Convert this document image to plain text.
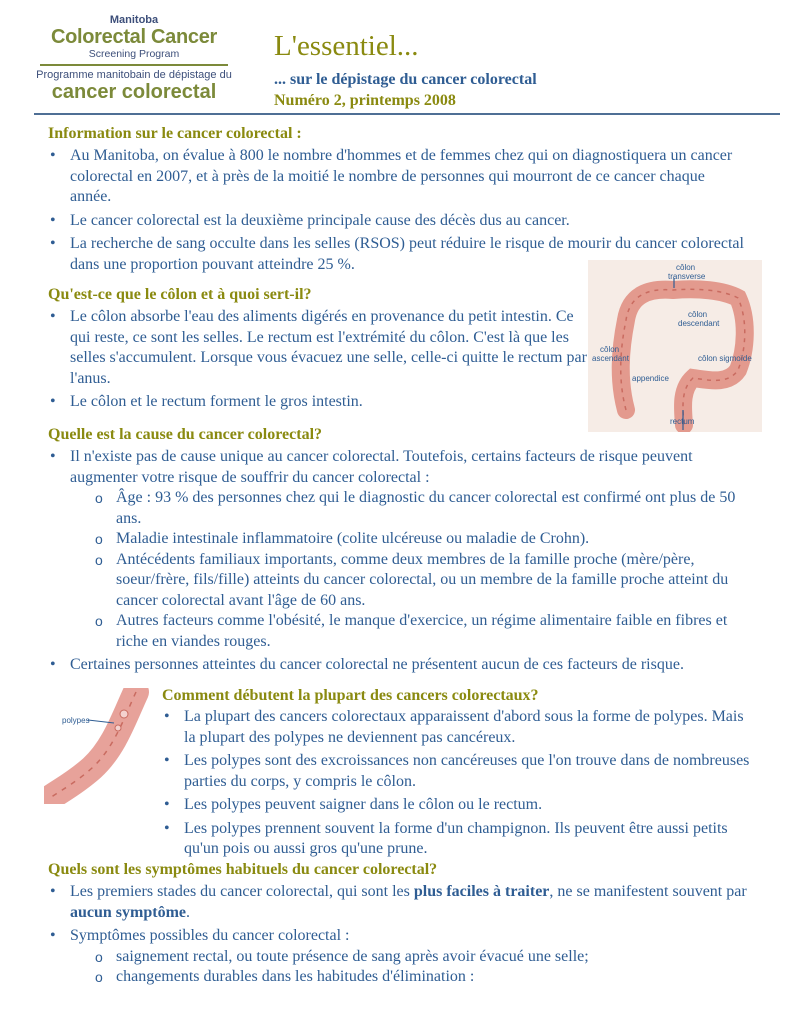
Manitoba
Colorectal Cancer
Screening Program
Programme manitobain de dépistage du
cancer colorectal
L'essentiel...
... sur le dépistage du cancer colorectal
Numéro 2, printemps 2008
Information sur le cancer colorectal :
• Au Manitoba, on évalue à 800 le nombre d'hommes et de femmes chez qui on diagnostiquera un cancer colorectal en 2007, et à près de la moitié le nombre de personnes qui mourront de ce cancer chaque année.
• Le cancer colorectal est la deuxième principale cause des décès dus au cancer.
• La recherche de sang occulte dans les selles (RSOS) peut réduire le risque de mourir du cancer colorectal dans une proportion pouvant atteindre 25 %.	côlon
transverse
côlon
descendant
côlon
ascendant	côlon sigmoïde
appendice
rectum
Qu'est-ce que le côlon et à quoi sert-il?
• Le côlon absorbe l'eau des aliments digérés en provenance du petit intestin. Ce qui reste, ce sont les selles. Le rectum est l'extrémité du côlon. C'est là que les selles s'accumulent. Lorsque vous évacuez une selle, celle-ci quitte le rectum par l'anus.
• Le côlon et le rectum forment le gros intestin.
Quelle est la cause du cancer colorectal?
• Il n'existe pas de cause unique au cancer colorectal. Toutefois, certains facteurs de risque peuvent augmenter votre risque de souffrir du cancer colorectal :
o Âge : 93 % des personnes chez qui le diagnostic du cancer colorectal est confirmé ont plus de 50 ans.
o Maladie intestinale inflammatoire (colite ulcéreuse ou maladie de Crohn).
o Antécédents familiaux importants, comme deux membres de la famille proche (mère/père, soeur/frère, fils/fille) atteints du cancer colorectal, ou un membre de la famille proche atteint du cancer colorectal avant l'âge de 60 ans.
o Autres facteurs comme l'obésité, le manque d'exercice, un régime alimentaire faible en fibres et riche en viandes rouges.
• Certaines personnes atteintes du cancer colorectal ne présentent aucun de ces facteurs de risque.
polypes
Comment débutent la plupart des cancers colorectaux?
• La plupart des cancers colorectaux apparaissent d'abord sous la forme de polypes. Mais la plupart des polypes ne deviennent pas cancéreux.
• Les polypes sont des excroissances non cancéreuses que l'on trouve dans de nombreuses parties du corps, y compris le côlon.
• Les polypes peuvent saigner dans le côlon ou le rectum.
• Les polypes prennent souvent la forme d'un champignon. Ils peuvent être aussi petits qu'un pois ou aussi gros qu'une prune.
Quels sont les symptômes habituels du cancer colorectal?
• Les premiers stades du cancer colorectal, qui sont les plus faciles à traiter, ne se manifestent souvent par aucun symptôme.
• Symptômes possibles du cancer colorectal :
o saignement rectal, ou toute présence de sang après avoir évacué une selle;
o changements durables dans les habitudes d'élimination :
